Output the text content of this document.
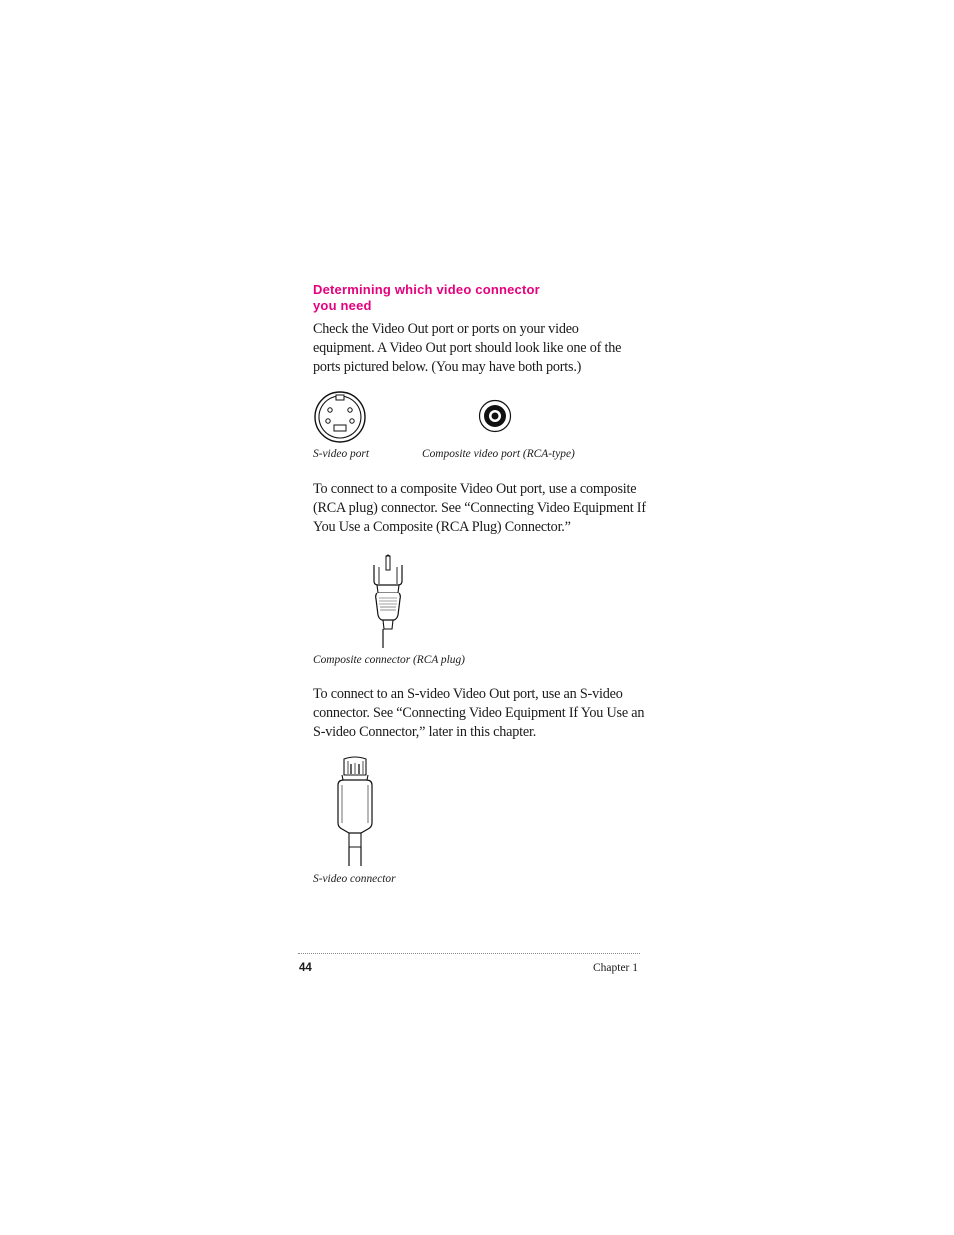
Determining which video connector
you need

Check the Video Out port or ports on your video
equipment. A Video Out port should look like one of the
ports pictured below. (You may have both ports.)

S-video port	Composite video port (RCA-type)

To connect to a composite Video Out port, use a composite
(RCA plug) connector. See “Connecting Video Equipment If
You Use a Composite (RCA Plug) Connector.”

Composite connector (RCA plug)

To connect to an S-video Video Out port, use an S-video
connector. See “Connecting Video Equipment If You Use an
S-video Connector,” later in this chapter.

S-video connector
44	Chapter 1
